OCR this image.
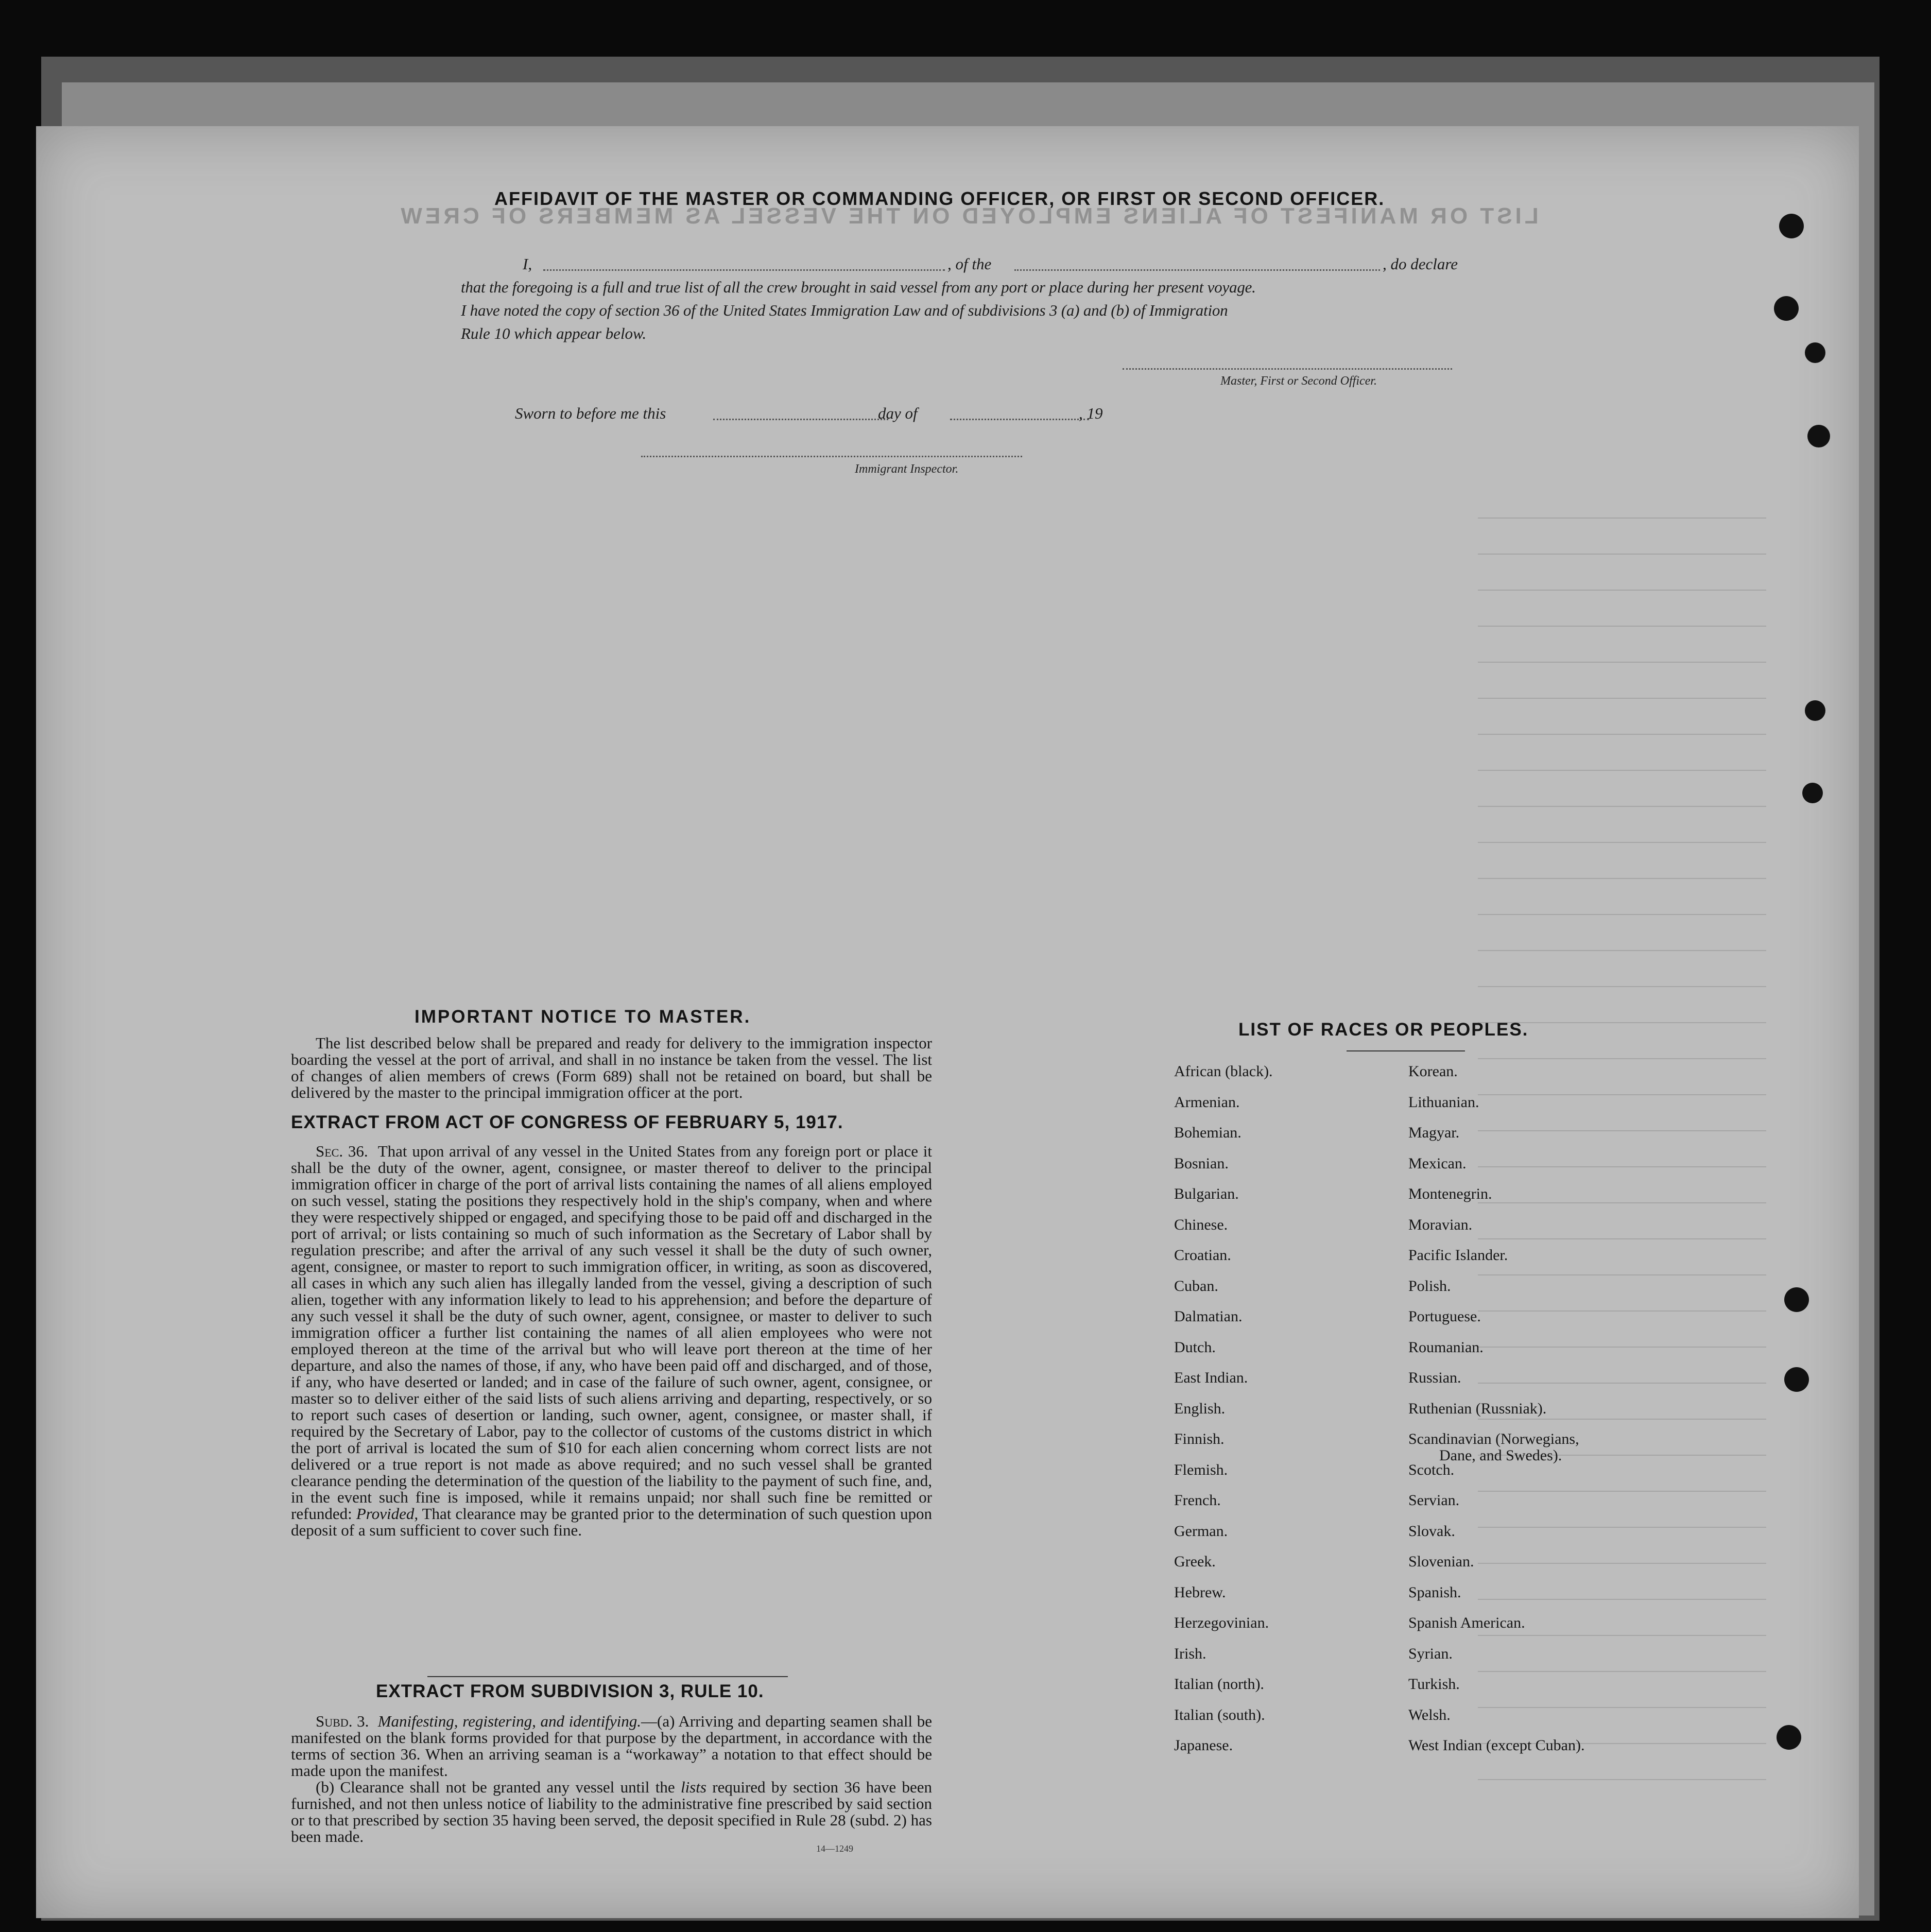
LIST OR MANIFEST OF ALIENS EMPLOYED ON THE VESSEL AS MEMBERS OF CREW
AFFIDAVIT OF THE MASTER OR COMMANDING OFFICER, OR FIRST OR SECOND OFFICER.
I,	, of the	, do declare
that the foregoing is a full and true list of all the crew brought in said vessel from any port or place during her present voyage.
I have noted the copy of section 36 of the United States Immigration Law and of subdivisions 3 (a) and (b) of Immigration
Rule 10 which appear below.
Master, First or Second Officer.
Sworn to before me this	day of	, 19
Immigrant Inspector.
IMPORTANT NOTICE TO MASTER.

The list described below shall be prepared and ready for delivery to the immigration inspector boarding the vessel at the port of arrival, and shall in no instance be taken from the vessel. The list of changes of alien members of crews (Form 689) shall not be retained on board, but shall be delivered by the master to the principal immigration officer at the port.

EXTRACT FROM ACT OF CONGRESS OF FEBRUARY 5, 1917.

Sec. 36. That upon arrival of any vessel in the United States from any foreign port or place it shall be the duty of the owner, agent, consignee, or master thereof to deliver to the principal immigration officer in charge of the port of arrival lists containing the names of all aliens employed on such vessel, stating the positions they respectively hold in the ship's company, when and where they were respectively shipped or engaged, and specifying those to be paid off and discharged in the port of arrival; or lists containing so much of such information as the Secretary of Labor shall by regulation prescribe; and after the arrival of any such vessel it shall be the duty of such owner, agent, consignee, or master to report to such immigration officer, in writing, as soon as discovered, all cases in which any such alien has illegally landed from the vessel, giving a description of such alien, together with any information likely to lead to his apprehension; and before the departure of any such vessel it shall be the duty of such owner, agent, consignee, or master to deliver to such immigration officer a further list containing the names of all alien employees who were not employed thereon at the time of the arrival but who will leave port thereon at the time of her departure, and also the names of those, if any, who have been paid off and discharged, and of those, if any, who have deserted or landed; and in case of the failure of such owner, agent, consignee, or master so to deliver either of the said lists of such aliens arriving and departing, respectively, or so to report such cases of desertion or landing, such owner, agent, consignee, or master shall, if required by the Secretary of Labor, pay to the collector of customs of the customs district in which the port of arrival is located the sum of $10 for each alien concerning whom correct lists are not delivered or a true report is not made as above required; and no such vessel shall be granted clearance pending the determination of the question of the liability to the payment of such fine, and, in the event such fine is imposed, while it remains unpaid; nor shall such fine be remitted or refunded: Provided, That clearance may be granted prior to the determination of such question upon deposit of a sum sufficient to cover such fine.

EXTRACT FROM SUBDIVISION 3, RULE 10.

Subd. 3. Manifesting, registering, and identifying.—(a) Arriving and departing seamen shall be manifested on the blank forms provided for that purpose by the department, in accordance with the terms of section 36. When an arriving seaman is a “workaway” a notation to that effect should be made upon the manifest.

(b) Clearance shall not be granted any vessel until the lists required by section 36 have been furnished, and not then unless notice of liability to the administrative fine prescribed by said section or to that prescribed by section 35 having been served, the deposit specified in Rule 28 (subd. 2) has been made.

14—1249
LIST OF RACES OR PEOPLES.
African (black).
Armenian.
Bohemian.
Bosnian.
Bulgarian.
Chinese.
Croatian.
Cuban.
Dalmatian.
Dutch.
East Indian.
English.
Finnish.
Flemish.
French.
German.
Greek.
Hebrew.
Herzegovinian.
Irish.
Italian (north).
Italian (south).
Japanese.
Korean.
Lithuanian.
Magyar.
Mexican.
Montenegrin.
Moravian.
Pacific Islander.
Polish.
Portuguese.
Roumanian.
Russian.
Ruthenian (Russniak).
Scandinavian (Norwegians,
Dane, and Swedes).
Scotch.
Servian.
Slovak.
Slovenian.
Spanish.
Spanish American.
Syrian.
Turkish.
Welsh.
West Indian (except Cuban).
